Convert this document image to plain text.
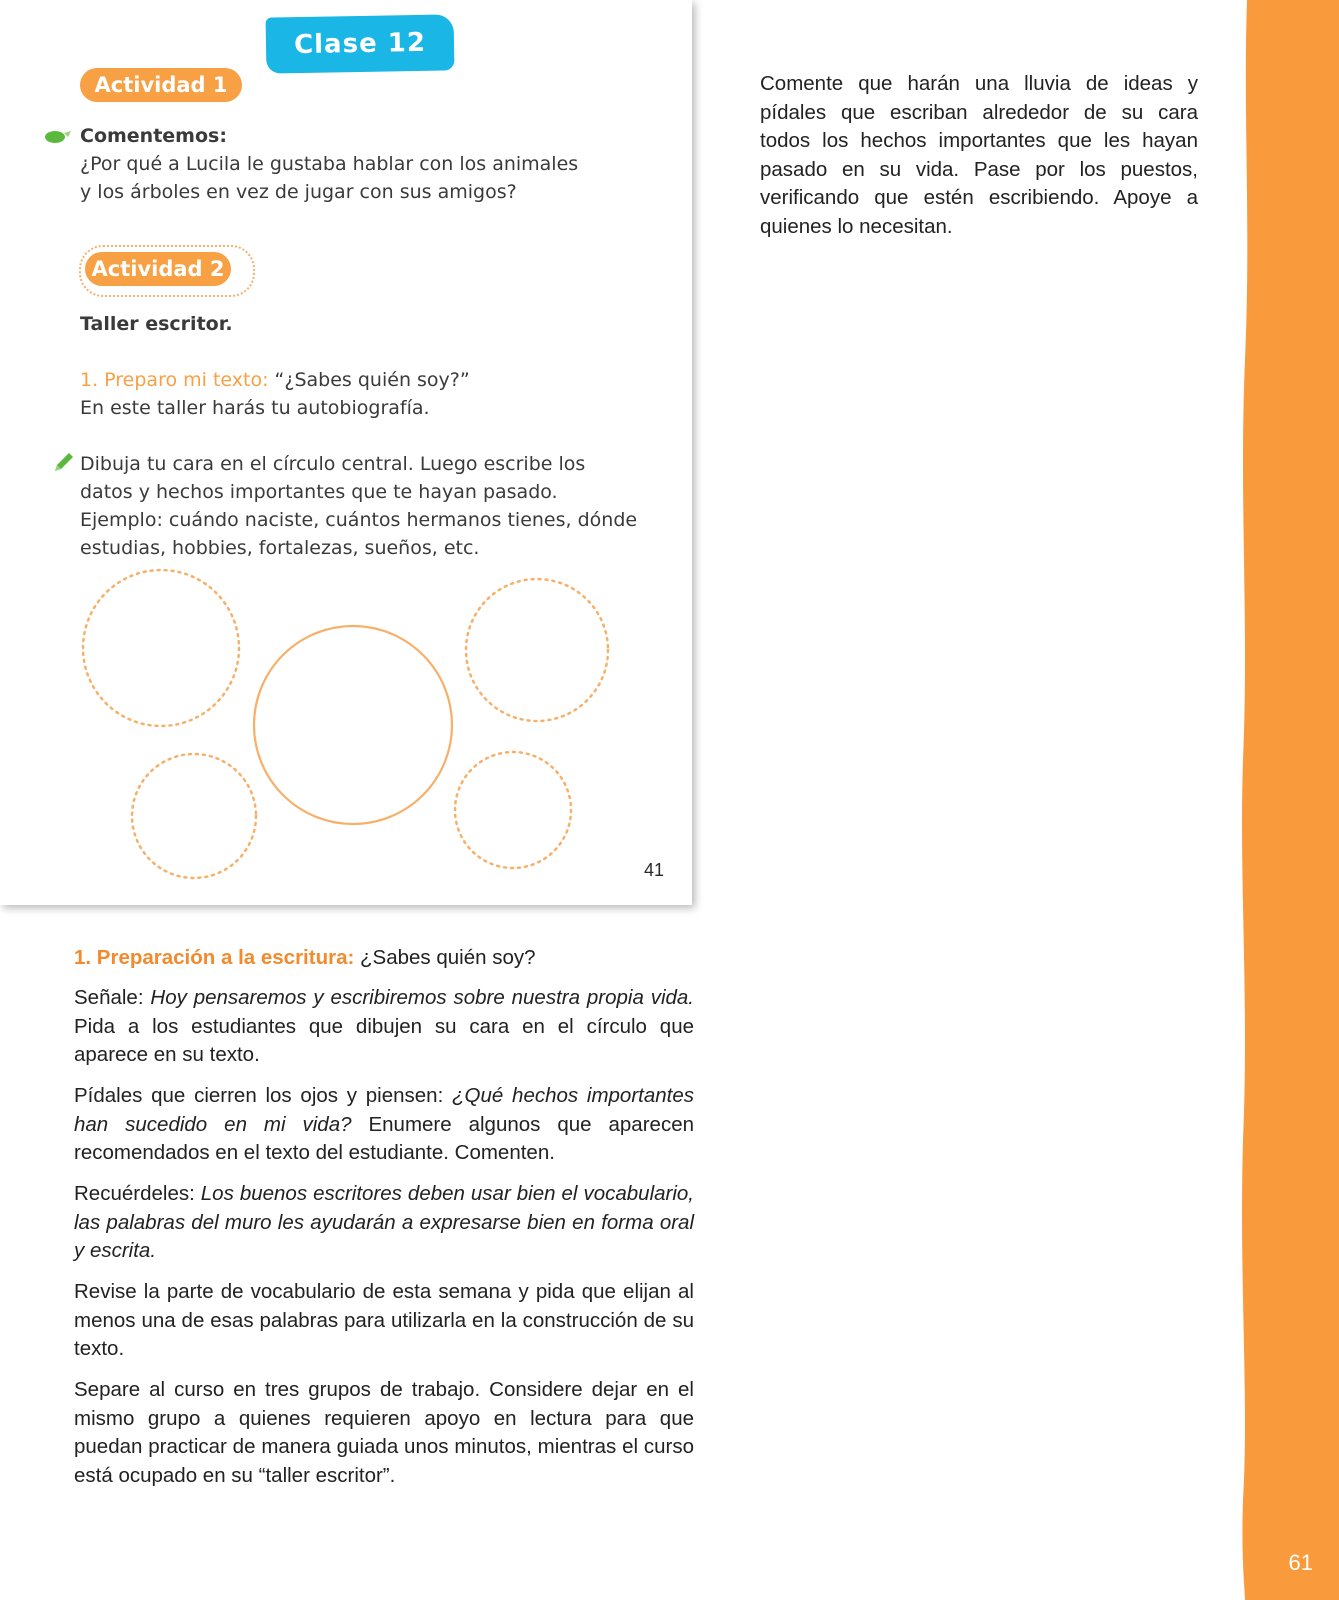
61
Clase 12
Actividad 1
Comentemos:
¿Por qué a Lucila le gustaba hablar con los animales
y los árboles en vez de jugar con sus amigos?
Actividad 2
Taller escritor.
1. Preparo mi texto: “¿Sabes quién soy?”
En este taller harás tu autobiografía.
Dibuja tu cara en el círculo central. Luego escribe los
datos y hechos importantes que te hayan pasado.
Ejemplo: cuándo naciste, cuántos hermanos tienes, dónde
estudias, hobbies, fortalezas, sueños, etc.
41
Comente que harán una lluvia de ideas y pídales que escriban alrededor de su cara todos los hechos importantes que les hayan pasado en su vida. Pase por los puestos, verificando que estén escribiendo. Apoye a quienes lo necesitan.
1. Preparación a la escritura: ¿Sabes quién soy?

Señale: Hoy pensaremos y escribiremos sobre nuestra propia vida. Pida a los estudiantes que dibujen su cara en el círculo que aparece en su texto.

Pídales que cierren los ojos y piensen: ¿Qué hechos importantes han sucedido en mi vida? Enumere algunos que aparecen recomendados en el texto del estudiante. Comenten.

Recuérdeles: Los buenos escritores deben usar bien el vocabulario, las palabras del muro les ayudarán a expresarse bien en forma oral y escrita.

Revise la parte de vocabulario de esta semana y pida que elijan al menos una de esas palabras para utilizarla en la construcción de su texto.
Separe al curso en tres grupos de trabajo. Considere dejar en el mismo grupo a quienes requieren apoyo en lectura para que puedan practicar de manera guiada unos minutos, mientras el curso está ocupado en su “taller escritor”.
